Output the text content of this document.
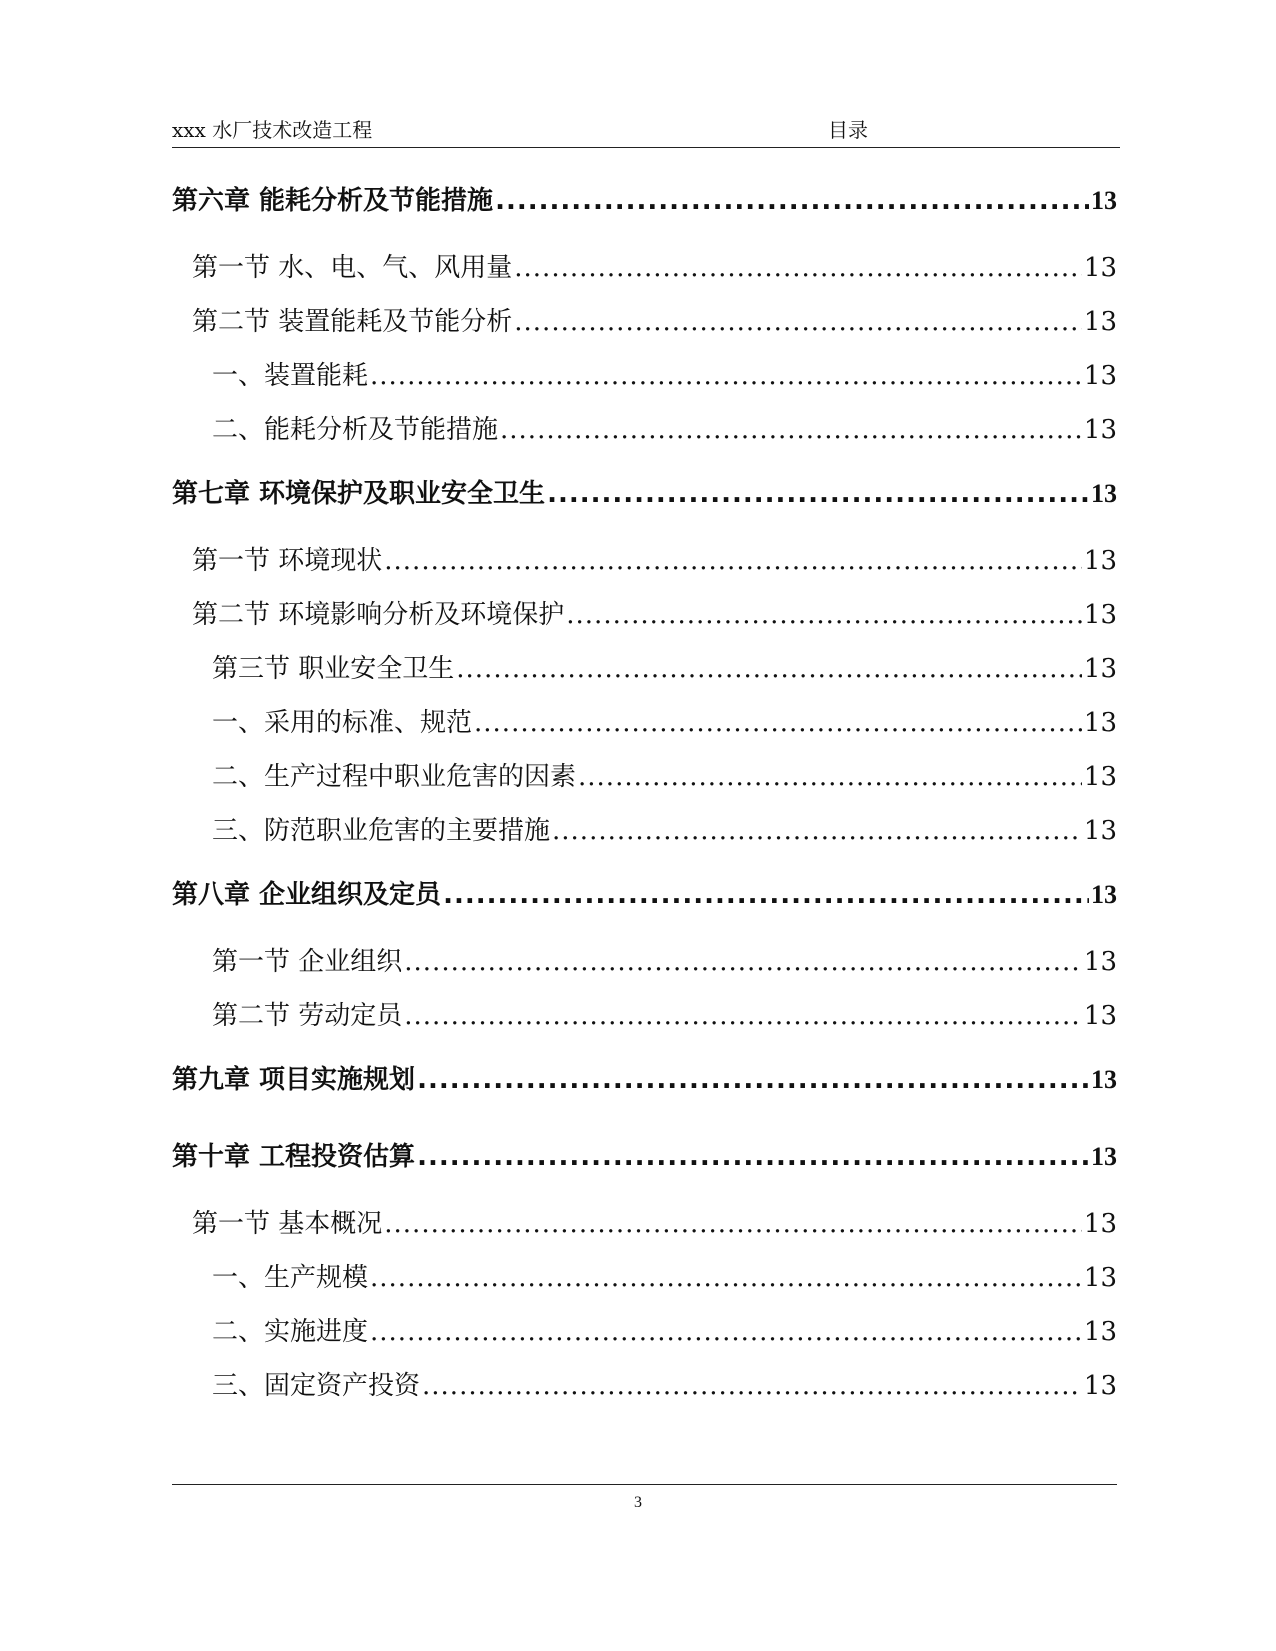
xxx 水厂技术改造工程	目录
第六章 能耗分析及节能措施 .....	13
第一节 水、电、气、风用量 .....	13
第二节 装置能耗及节能分析 .....	13
一、装置能耗 .....	13
二、能耗分析及节能措施 .....	13
第七章 环境保护及职业安全卫生 .....	13
第一节 环境现状 .....	13
第二节 环境影响分析及环境保护 .....	13
第三节 职业安全卫生 .....	13
一、采用的标准、规范 .....	13
二、生产过程中职业危害的因素 .....	13
三、防范职业危害的主要措施 .....	13
第八章 企业组织及定员 .....	13
第一节 企业组织 .....	13
第二节 劳动定员 .....	13
第九章 项目实施规划 .....	13
第十章 工程投资估算 .....	13
第一节 基本概况 .....	13
一、生产规模 .....	13
二、实施进度 .....	13
三、固定资产投资 .....	13
3
